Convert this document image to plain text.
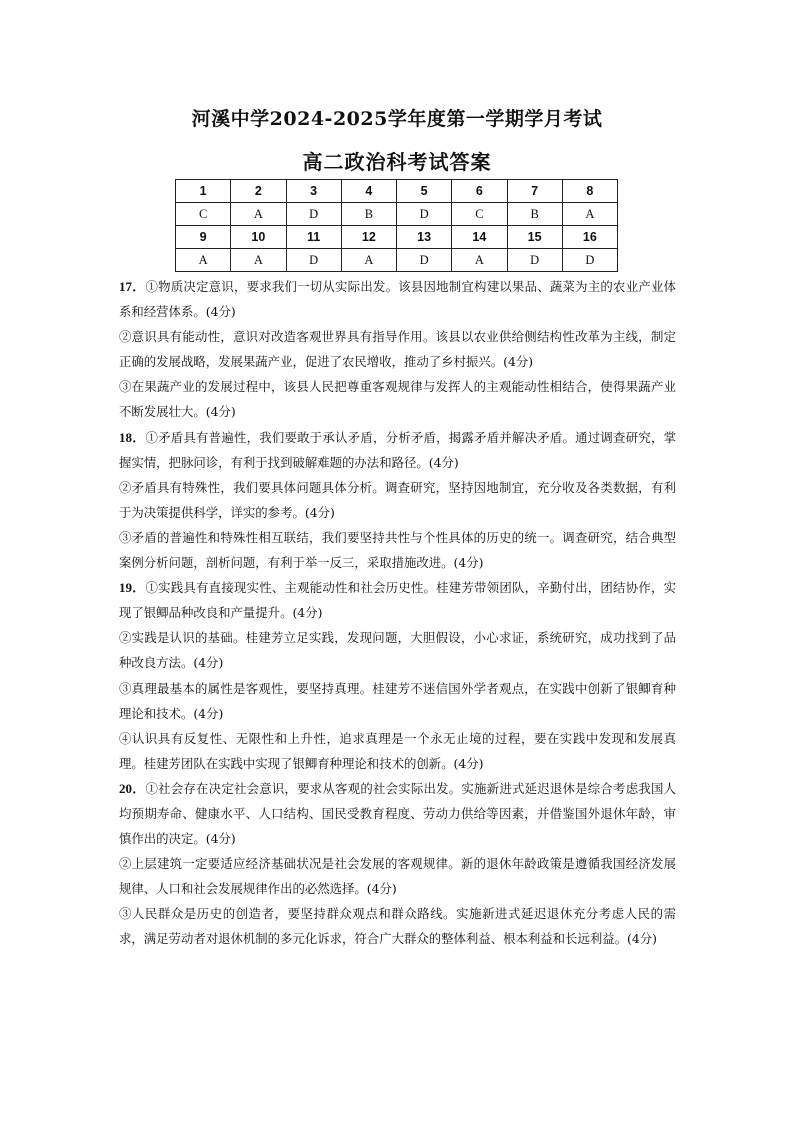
河溪中学2024-2025学年度第一学期学月考试
高二政治科考试答案
1	2	3	4	5	6	7	8
C	A	D	B	D	C	B	A
9	10	11	12	13	14	15	16
A	A	D	A	D	A	D	D

17．①物质决定意识，要求我们一切从实际出发。该县因地制宜构建以果品、蔬菜为主的农业产业体系和经营体系。(4分)

②意识具有能动性，意识对改造客观世界具有指导作用。该县以农业供给侧结构性改革为主线，制定正确的发展战略，发展果蔬产业，促进了农民增收，推动了乡村振兴。(4分)

③在果蔬产业的发展过程中，该县人民把尊重客观规律与发挥人的主观能动性相结合，使得果蔬产业不断发展壮大。(4分)

18．①矛盾具有普遍性，我们要敢于承认矛盾，分析矛盾，揭露矛盾并解决矛盾。通过调查研究，掌握实情，把脉问诊，有利于找到破解难题的办法和路径。(4分)

②矛盾具有特殊性，我们要具体问题具体分析。调查研究，坚持因地制宜，充分收及各类数据，有利于为决策提供科学，详实的参考。(4分)

③矛盾的普遍性和特殊性相互联结，我们要坚持共性与个性具体的历史的统一。调查研究，结合典型案例分析问题，剖析问题，有利于举一反三，采取措施改进。(4分)

19．①实践具有直接现实性、主观能动性和社会历史性。桂建芳带领团队，辛勤付出，团结协作，实现了银鲫品种改良和产量提升。(4分)

②实践是认识的基础。桂建芳立足实践，发现问题，大胆假设，小心求证，系统研究，成功找到了品种改良方法。(4分)

③真理最基本的属性是客观性，要坚持真理。桂建芳不迷信国外学者观点，在实践中创新了银鲫育种理论和技术。(4分)

④认识具有反复性、无限性和上升性，追求真理是一个永无止境的过程，要在实践中发现和发展真理。桂建芳团队在实践中实现了银鲫育种理论和技术的创新。(4分)

20．①社会存在决定社会意识，要求从客观的社会实际出发。实施新进式延迟退休是综合考虑我国人均预期寿命、健康水平、人口结构、国民受教育程度、劳动力供给等因素，并借鉴国外退休年龄，审慎作出的决定。(4分)

②上层建筑一定要适应经济基础状况是社会发展的客观规律。新的退休年龄政策是遵循我国经济发展规律、人口和社会发展规律作出的必然选择。(4分)

③人民群众是历史的创造者，要坚持群众观点和群众路线。实施新进式延迟退休充分考虑人民的需求，满足劳动者对退休机制的多元化诉求，符合广大群众的整体利益、根本利益和长远利益。(4分)
